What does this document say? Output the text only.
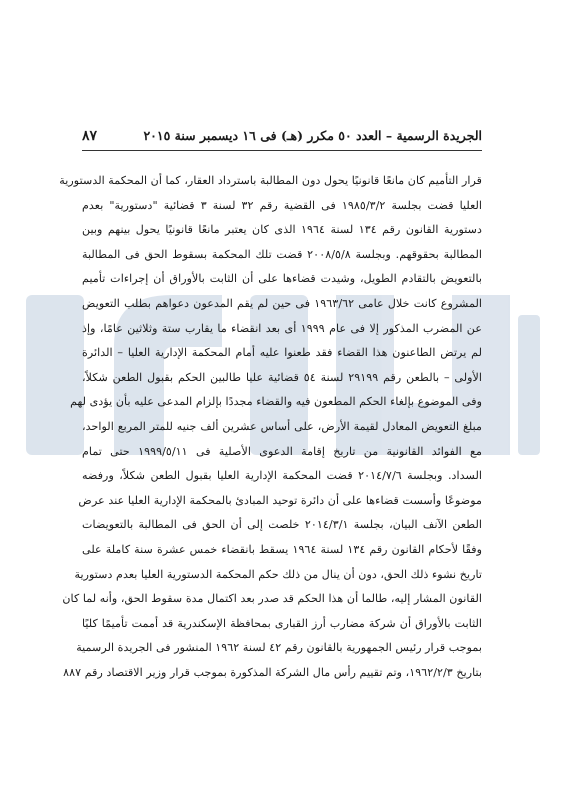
٨٧	الجريدة الرسمية – العدد ٥٠ مكرر (هـ) فى ١٦ ديسمبر سنة ٢٠١٥
قرار التأميم كان مانعًا قانونيًا يحول دون المطالبة باسترداد العقار، كما أن المحكمة الدستورية
العليا قضت بجلسة ١٩٨٥/٣/٢ فى القضية رقم ٣٢ لسنة ٣ قضائية "دستورية" بعدم
دستورية القانون رقم ١٣٤ لسنة ١٩٦٤ الذى كان يعتبر مانعًا قانونيًا يحول بينهم وبين
المطالبة بحقوقهم. وبجلسة ٢٠٠٨/٥/٨ قضت تلك المحكمة بسقوط الحق فى المطالبة
بالتعويض بالتقادم الطويل، وشيدت قضاءها على أن الثابت بالأوراق أن إجراءات تأميم
المشروع كانت خلال عامى ١٩٦٣/٦٢ فى حين لم يقم المدعون دعواهم بطلب التعويض
عن المضرب المذكور إلا فى عام ١٩٩٩ أى بعد انقضاء ما يقارب ستة وثلاثين عامًا، وإذ
لم يرتض الطاعنون هذا القضاء فقد طعنوا عليه أمام المحكمة الإدارية العليا – الدائرة
الأولى – بالطعن رقم ٢٩١٩٩ لسنة ٥٤ قضائية عليا طالبين الحكم بقبول الطعن شكلاً،
وفى الموضوع بإلغاء الحكم المطعون فيه والقضاء مجددًا بإلزام المدعى عليه بأن يؤدى لهم
مبلغ التعويض المعادل لقيمة الأرض، على أساس عشرين ألف جنيه للمتر المربع الواحد،
مع الفوائد القانونية من تاريخ إقامة الدعوى الأصلية فى ١٩٩٩/٥/١١ حتى تمام
السداد. وبجلسة ٢٠١٤/٧/٦ قضت المحكمة الإدارية العليا بقبول الطعن شكلاً، ورفضه
موضوعًا وأسست قضاءها على أن دائرة توحيد المبادئ بالمحكمة الإدارية العليا عند عرض
الطعن الآنف البيان، بجلسة ٢٠١٤/٣/١ خلصت إلى أن الحق فى المطالبة بالتعويضات
وفقًا لأحكام القانون رقم ١٣٤ لسنة ١٩٦٤ يسقط بانقضاء خمس عشرة سنة كاملة على
تاريخ نشوء ذلك الحق، دون أن ينال من ذلك حكم المحكمة الدستورية العليا بعدم دستورية
القانون المشار إليه، طالما أن هذا الحكم قد صدر بعد اكتمال مدة سقوط الحق، وأنه لما كان
الثابت بالأوراق أن شركة مضارب أرز القبارى بمحافظة الإسكندرية قد أممت تأميمًا كليًا
بموجب قرار رئيس الجمهورية بالقانون رقم ٤٢ لسنة ١٩٦٢ المنشور فى الجريدة الرسمية
بتاريخ ١٩٦٢/٢/٣، وتم تقييم رأس مال الشركة المذكورة بموجب قرار وزير الاقتصاد رقم ٨٨٧
